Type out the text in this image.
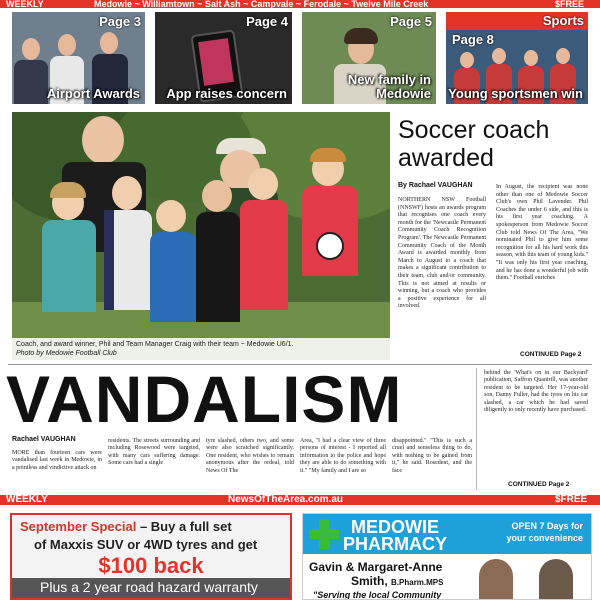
WEEKLY	Medowie ~ Williamtown ~ Salt Ash ~ Campvale ~ Ferodale ~ Twelve Mile Creek	$FREE
Page 3
Airport Awards
Page 4
App raises concern
Page 5
New family in Medowie
Sports
Page 8
Young sportsmen win
Coach, and award winner, Phil and Team Manager Craig with their team ~ Medowie U6/1.
Photo by Medowie Football Club
Soccer coach awarded
By Rachael VAUGHAN
NORTHERN NSW Football (NNSWF) hosts an awards program that recognises one coach every month for the 'Newcastle Permanent Community Coach Recognition Program'. The Newcastle Permanent Community Coach of the Month Award is awarded monthly from March to August to a coach that makes a significant contribution to their team, club and/or community. This is not aimed at results or winning, but a coach who provides a positive experience for all involved.
In August, the recipient was none other than one of Medowie Soccer Club's own Phil Lavender. Phil Coaches the under 6 side, and this is his first year coaching. A spokesperson from Medowie Soccer Club told News Of The Area, "We nominated Phil to give him some recognition for all his hard work this season, with this team of young kids." "It was only his first year coaching, and he has done a wonderful job with them." Football enriches
CONTINUED Page 2
VANDALISM
Rachael VAUGHAN
MORE than fourteen cars were vandalised last week in Medowie, in a pointless and vindictive attack on
residents. The streets surrounding and including Rosewood were targeted, with many cars suffering damage. Some cars had a single
tyre slashed, others two, and some were also scratched significantly. One resident, who wishes to remain anonymous after the ordeal, told News Of The
Area, "I had a clear view of three persons of interest - I reported all information to the police and hope they are able to do something with it." "My family and I are so
disappointed." "This is such a cruel and senseless thing to do, with nothing to be gained from it," he said. Rosedent, and the face
behind the 'What's on in our Backyard' publication, Saffron Quantrill, was another resident to be targeted. Her 17-year-old son, Danny Fuller, had the tyres on his car slashed, a car which he had saved diligently to only recently have purchased.
CONTINUED Page 2
WEEKLY	NewsOfTheArea.com.au	$FREE
September Special – Buy a full set
of Maxxis SUV or 4WD tyres and get
$100 back
Plus a 2 year road hazard warranty
MEDOWIE
PHARMACY
OPEN 7 Days for
your convenience
Gavin & Margaret-Anne
Smith, B.Pharm.MPS
"Serving the local Community
